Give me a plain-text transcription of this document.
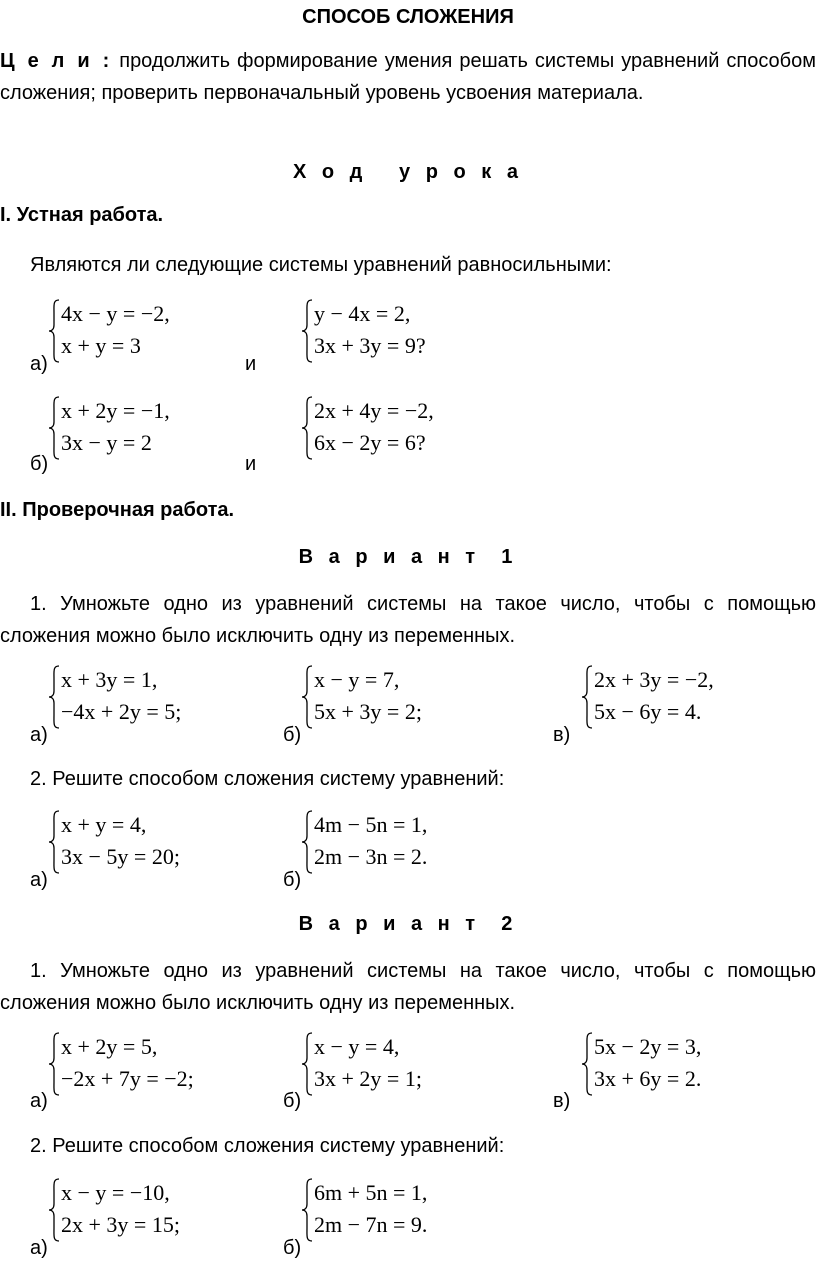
СПОСОБ СЛОЖЕНИЯ
Ц е л и : продолжить формирование умения решать системы уравнений способом сложения; проверить первоначальный уровень усвоения материала.
Х о д   у р о к а
I. Устная работа.
Являются ли следующие системы уравнений равносильными:
а)
4x − y = −2,
x + y = 3
и
y − 4x = 2,
3x + 3y = 9?
б)
x + 2y = −1,
3x − y = 2
и
2x + 4y = −2,
6x − 2y = 6?
II. Проверочная работа.
В а р и а н т  1
1. Умножьте одно из уравнений системы на такое число, чтобы с помощью сложения можно было исключить одну из переменных.
а)
x + 3y = 1,
−4x + 2y = 5;
б)
x − y = 7,
5x + 3y = 2;
в)
2x + 3y = −2,
5x − 6y = 4.
2. Решите способом сложения систему уравнений:
а)
x + y = 4,
3x − 5y = 20;
б)
4m − 5n = 1,
2m − 3n = 2.
В а р и а н т  2
1. Умножьте одно из уравнений системы на такое число, чтобы с помощью сложения можно было исключить одну из переменных.
а)
x + 2y = 5,
−2x + 7y = −2;
б)
x − y = 4,
3x + 2y = 1;
в)
5x − 2y = 3,
3x + 6y = 2.
2. Решите способом сложения систему уравнений:
а)
x − y = −10,
2x + 3y = 15;
б)
6m + 5n = 1,
2m − 7n = 9.
